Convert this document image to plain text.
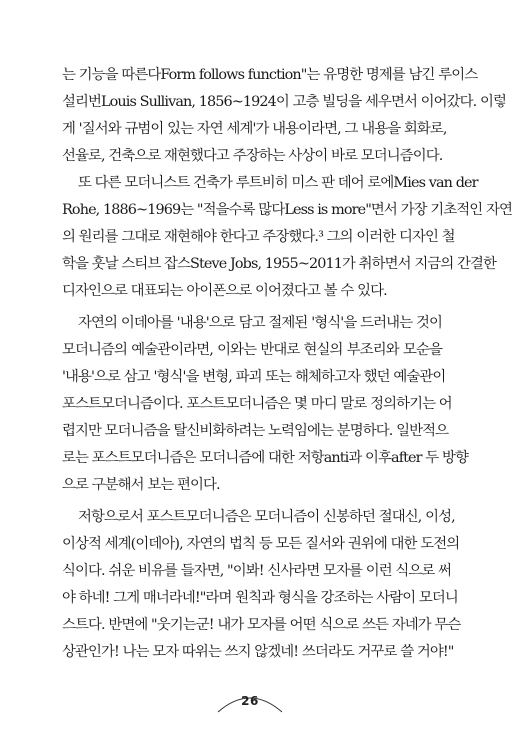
는 기능을 따른다Form follows function"는 유명한 명제를 남긴 루이스
설리번Louis Sullivan, 1856~1924이 고층 빌딩을 세우면서 이어갔다. 이렇
게 '질서와 규범이 있는 자연 세계'가 내용이라면, 그 내용을 회화로,
선율로, 건축으로 재현했다고 주장하는 사상이 바로 모더니즘이다.
또 다른 모더니스트 건축가 루트비히 미스 판 데어 로에Mies van der
Rohe, 1886~1969는 "적을수록 많다Less is more"면서 가장 기초적인 자연
의 원리를 그대로 재현해야 한다고 주장했다.³ 그의 이러한 디자인 철
학을 훗날 스티브 잡스Steve Jobs, 1955~2011가 취하면서 지금의 간결한
디자인으로 대표되는 아이폰으로 이어졌다고 볼 수 있다.
자연의 이데아를 '내용'으로 담고 절제된 '형식'을 드러내는 것이
모더니즘의 예술관이라면, 이와는 반대로 현실의 부조리와 모순을
'내용'으로 삼고 '형식'을 변형, 파괴 또는 해체하고자 했던 예술관이
포스트모더니즘이다. 포스트모더니즘은 몇 마디 말로 정의하기는 어
렵지만 모더니즘을 탈신비화하려는 노력임에는 분명하다. 일반적으
로는 포스트모더니즘은 모더니즘에 대한 저항anti과 이후after 두 방향
으로 구분해서 보는 편이다.
저항으로서 포스트모더니즘은 모더니즘이 신봉하던 절대신, 이성,
이상적 세계(이데아), 자연의 법칙 등 모든 질서와 권위에 대한 도전의
식이다. 쉬운 비유를 들자면, "이봐! 신사라면 모자를 이런 식으로 써
야 하네! 그게 매너라네!"라며 원칙과 형식을 강조하는 사람이 모더니
스트다. 반면에 "웃기는군! 내가 모자를 어떤 식으로 쓰든 자네가 무슨
상관인가! 나는 모자 따위는 쓰지 않겠네! 쓰더라도 거꾸로 쓸 거야!"
26
